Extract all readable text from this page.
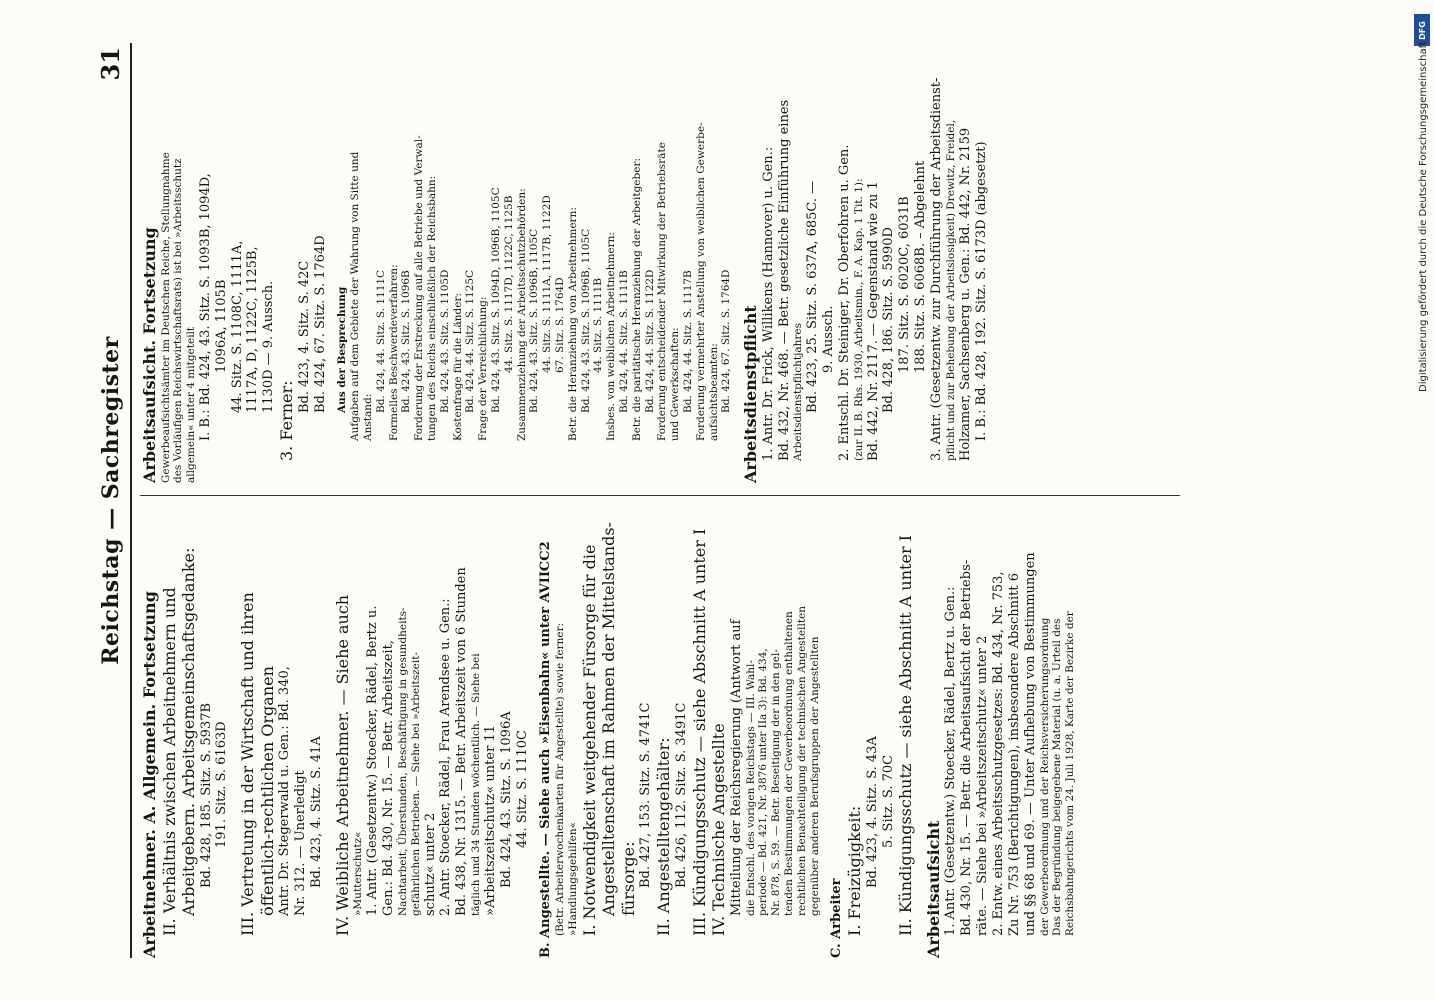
Reichstag — Sachregister
31
Arbeitnehmer. A. Allgemein. Fortsetzung II. Verhältnis zwischen Arbeitnehmern und Arbeitgebern. Arbeitsgemeinschaftsgedanke: Bd. 428, 185. Sitz. S. 5937B 191. Sitz. S. 6163D
III. Vertretung in der Wirtschaft und ihren öffentlich-rechtlichen Organen Antr. Dr. Stegerwald u. Gen.: Bd. 340, Nr. 312. — Unerledigt Bd. 423, 4. Sitz. S. 41A
IV. Weibliche Arbeitnehmer. — Siehe auch »Mutterschutz« 1. Antr. (Gesetzentw.) Stoecker, Rädel, Bertz u. Gen.: Bd. 430, Nr. 15. — Betr. Arbeitszeit, Nachtarbeit, Überstunden, Beschäftigung in gesundheits- gefährlichen Betrieben. — Siehe bei »Arbeitszeit- schutz« unter 2 2. Antr. Stoecker, Rädel, Frau Arendsee u. Gen.: Bd. 438, Nr. 1315. — Betr. Arbeitszeit von 6 Stunden täglich und 34 Stunden wöchentlich. — Siehe bei »Arbeitszeitschutz« unter 11 Bd. 424, 43. Sitz. S. 1096A 44. Sitz. S. 1110C
B. Angestellte. — Siehe auch »Eisenbahn« unter AVIICC2 (Betr. Arbeiterwochenkarten für Angestellte) sowie ferner: »Handlungsgehilfen« I. Notwendigkeit weitgehender Fürsorge für die Angestelltenschaft im Rahmen der Mittelstands- fürsorge: Bd. 427, 153. Sitz. S. 4741C II. Angestelltengehälter: Bd. 426, 112. Sitz. S. 3491C III. Kündigungsschutz — siehe Abschnitt A unter I IV. Technische Angestellte Mitteilung der Reichsregierung (Antwort auf die Entschl. des vorigen Reichstags — III. Wahl- periode — Bd. 421, Nr. 3876 unter IIa 3): Bd. 434, Nr. 878, S. 59. — Betr. Beseitigung der in den gel- tenden Bestimmungen der Gewerbeordnung enthaltenen rechtlichen Benachteiligung der technischen Angestellten gegenüber anderen Berufsgruppen der Angestellten

C. Arbeiter I. Freizügigkeit: Bd. 423, 4. Sitz. S. 43A 5. Sitz. S. 70C II. Kündigungsschutz — siehe Abschnitt A unter I
Arbeitsaufsicht 1. Antr. (Gesetzentw.) Stoecker, Rädel, Bertz u. Gen.: Bd. 430, Nr. 15. — Betr. die Arbeitsaufsicht der Betriebs- räte. — Siehe bei »Arbeitszeitschutz« unter 2 2. Entw. eines Arbeitsschutzgesetzes: Bd. 434, Nr. 753, Zu Nr. 753 (Berichtigungen), insbesondere Abschnitt 6 und §§ 68 und 69. — Unter Aufhebung von Bestimmungen der Gewerbeordnung und der Reichsversicherungsordnung Das der Begründung beigegebene Material (u. a. Urteil des Reichsbahngerichts vom 24. Juli 1928, Karte der Bezirke der
Arbeitsaufsicht. Fortsetzung Gewerbeaufsichtsämter im Deutschen Reiche, Stellungnahme des Vorläufigen Reichswirtschaftsrats) ist bei »Arbeitsschutz allgemein« unter 4 mitgeteilt I. B.: Bd. 424, 43. Sitz. S. 1093B, 1094D, 1096A, 1105B 44. Sitz. S. 1108C, 1111A, 1117A, D, 1122C, 1125B, 1130D — 9. Aussch.
3. Ferner:
Bd. 423, 4. Sitz. S. 42C Bd. 424, 67. Sitz. S. 1764D
Aus der Besprechung Aufgaben auf dem Gebiete der Wahrung von Sitte und Anstand:
Bd. 424, 44. Sitz. S. 1111C Formelles Beschwerdeverfahren: Bd. 424, 43. Sitz. S. 1096B Forderung der Erstreckung auf alle Betriebe und Verwal- tungen des Reichs einschließlich der Reichsbahn: Bd. 424, 43. Sitz. S. 1105D Kostenfrage für die Länder: Bd. 424, 44. Sitz. S. 1125C Frage der Verreichlichung: Bd. 424, 43. Sitz. S. 1094D, 1096B, 1105C 44. Sitz. S. 1117D, 1122C, 1125B Zusammenziehung der Arbeitsschutzbehörden: Bd. 424, 43. Sitz. S. 1096B, 1105C 44. Sitz. S. 1111A, 1117B, 1122D 67. Sitz. S. 1764D Betr. die Heranziehung von Arbeitnehmern: Bd. 424, 43. Sitz. S. 1096B, 1105C 44. Sitz. S. 1111B Insbes. von weiblichen Arbeitnehmern: Bd. 424, 44. Sitz. S. 1111B Betr. die paritätische Heranziehung der Arbeitgeber: Bd. 424, 44. Sitz. S. 1122D Forderung entscheidender Mitwirkung der Betriebsräte und Gewerkschaften: Bd. 424, 44. Sitz. S. 1117B Forderung vermehrter Anstellung von weiblichen Gewerbe- aufsichtsbeamten: Bd. 424, 67. Sitz. S. 1764D
Arbeitsdienstpflicht 1. Antr. Dr. Frick, Willikens (Hannover) u. Gen.: Bd. 432, Nr. 468. — Betr. gesetzliche Einführung eines Arbeitsdienstpflichtjahres Bd. 423, 25. Sitz. S. 637A, 685C. — 9. Aussch. 2. Entschl. Dr. Steiniger, Dr. Oberfohren u. Gen. (zur II. B. Rhs. 1930, Arbeitsmin., F. A. Kap. 1 Tit. 1): Bd. 442, Nr. 2117. — Gegenstand wie zu 1 Bd. 428, 186. Sitz. S. 5990D 187. Sitz. S. 6020C, 6031B 188. Sitz. S. 6068B. – Abgelehnt 3. Antr. (Gesetzentw. zur Durchführung der Arbeitsdienst- pflicht und zur Behebung der Arbeitslosigkeit) Drewitz, Freidel, Holzamer, Sachsenberg u. Gen.: Bd. 442, Nr. 2159 I. B.: Bd. 428, 192. Sitz. S. 6173D (abgesetzt)
DFG
Digitalisierung gefördert durch die Deutsche Forschungsgemeinschaft -
